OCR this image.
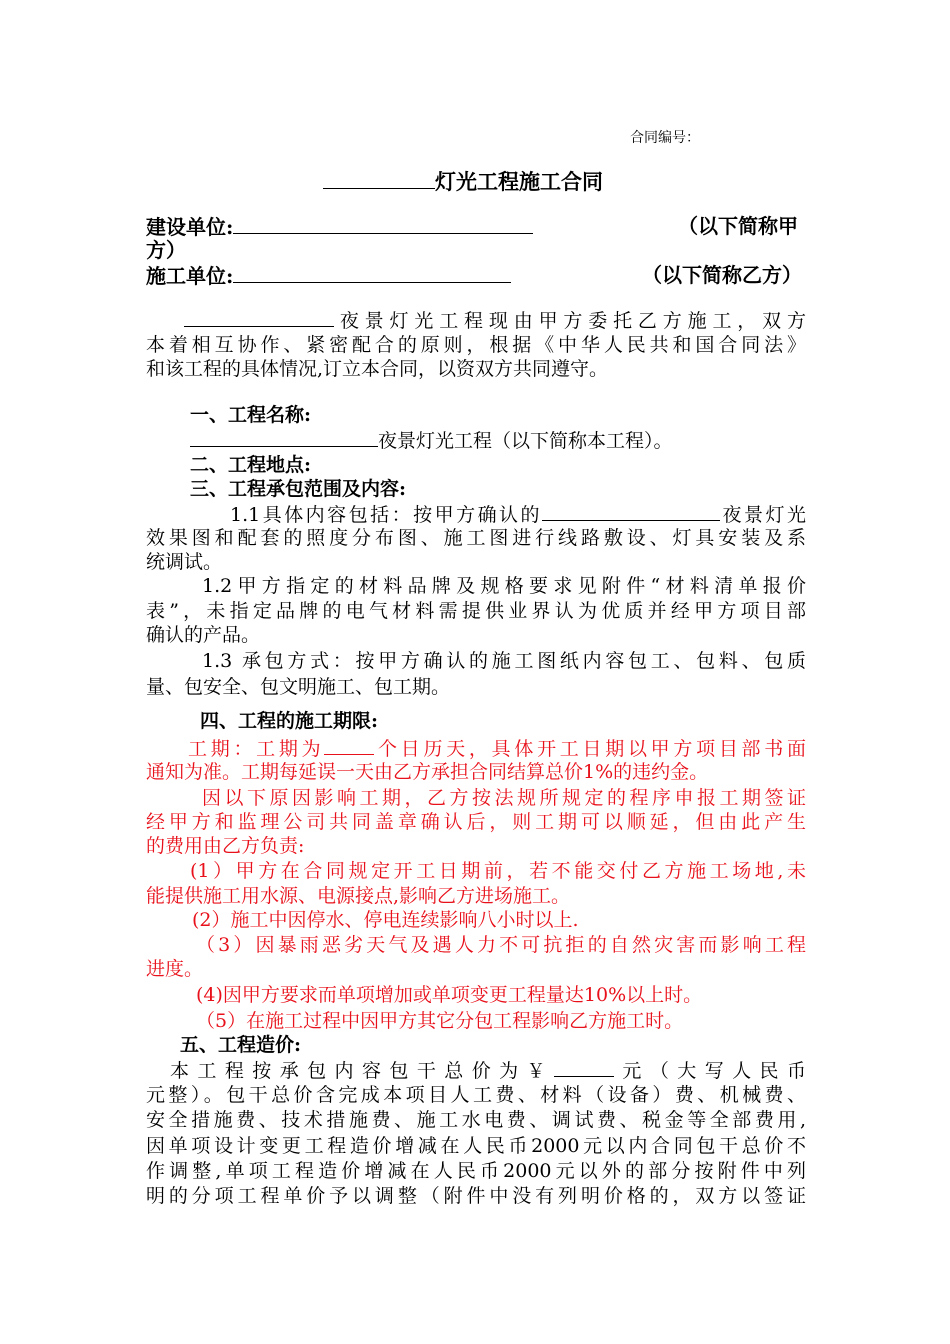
合同编号：
灯光工程施工合同
建设单位:	（以下简称甲
方）
施工单位:	（以下简称乙方）
夜景灯光工程现由甲方委托乙方施工，双方
本着相互协作、紧密配合的原则，根据《中华人民共和国合同法》
和该工程的具体情况,订立本合同，以资双方共同遵守。
一、工程名称:
夜景灯光工程（以下简称本工程）。
二、工程地点:
三、工程承包范围及内容:
1.1具体内容包括：按甲方确认的	夜景灯光
效果图和配套的照度分布图、施工图进行线路敷设、灯具安装及系
统调试。
1.2甲方指定的材料品牌及规格要求见附件“材料清单报价
表”，未指定品牌的电气材料需提供业界认为优质并经甲方项目部
确认的产品。
1.3 承包方式：按甲方确认的施工图纸内容包工、包料、包质
量、包安全、包文明施工、包工期。
四、工程的施工期限:
工期：工期为	个日历天，具体开工日期以甲方项目部书面
通知为准。工期每延误一天由乙方承担合同结算总价1%的违约金。
因以下原因影响工期，乙方按法规所规定的程序申报工期签证
经甲方和监理公司共同盖章确认后，则工期可以顺延，但由此产生
的费用由乙方负责:
(1）甲方在合同规定开工日期前，若不能交付乙方施工场地,未
能提供施工用水源、电源接点,影响乙方进场施工。
(2）施工中因停水、停电连续影响八小时以上.
（3）因暴雨恶劣天气及遇人力不可抗拒的自然灾害而影响工程
进度。
(4)因甲方要求而单项增加或单项变更工程量达10%以上时。
（5）在施工过程中因甲方其它分包工程影响乙方施工时。
五、工程造价:
本工程按承包内容包干总价为￥	元（大写人民币
元整）。包干总价含完成本项目人工费、材料（设备）费、机械费、
安全措施费、技术措施费、施工水电费、调试费、税金等全部费用,
因单项设计变更工程造价增减在人民币2000元以内合同包干总价不
作调整,单项工程造价增减在人民币2000元以外的部分按附件中列
明的分项工程单价予以调整（附件中没有列明价格的，双方以签证
